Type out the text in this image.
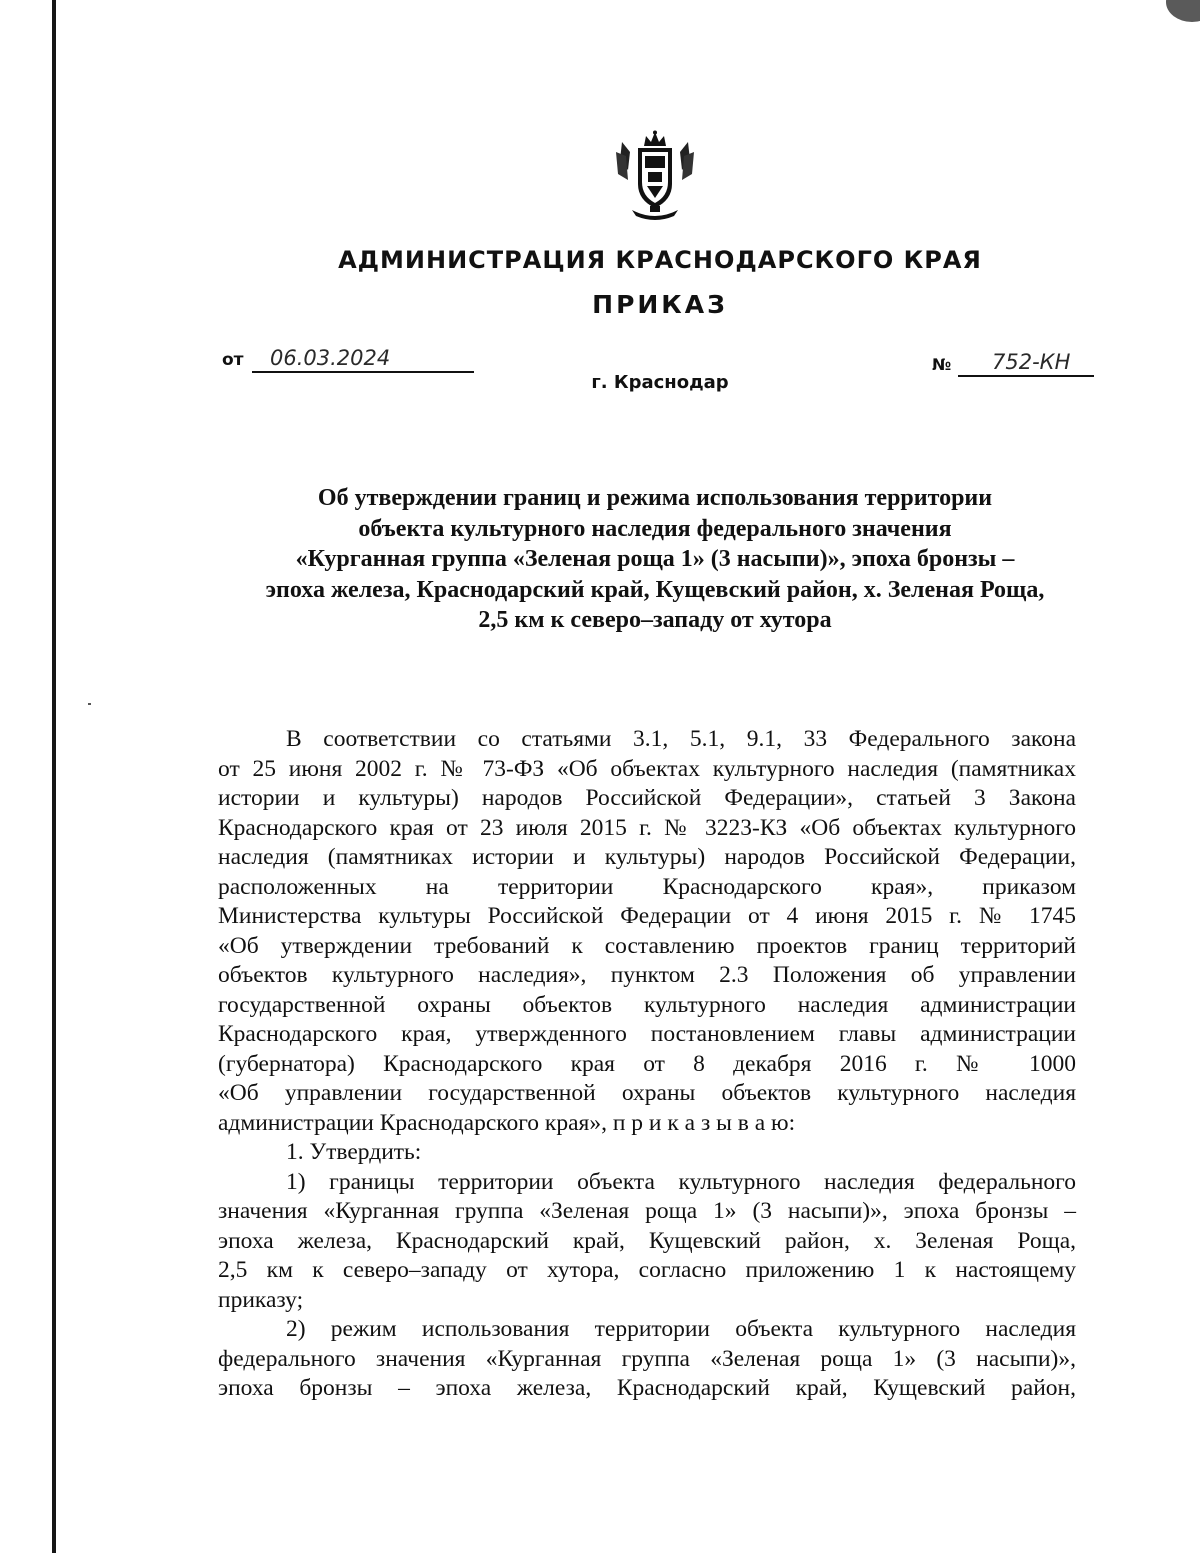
АДМИНИСТРАЦИЯ КРАСНОДАРСКОГО КРАЯ
ПРИКАЗ
от 06.03.2024	№ 752-КН
г. Краснодар
Об утверждении границ и режима использования территории
объекта культурного наследия федерального значения
«Курганная группа «Зеленая роща 1» (3 насыпи)», эпоха бронзы –
эпоха железа, Краснодарский край, Кущевский район, х. Зеленая Роща,
2,5 км к северо–западу от хутора
В соответствии со статьями 3.1, 5.1, 9.1, 33 Федерального закона
от 25 июня 2002 г. № 73-ФЗ «Об объектах культурного наследия (памятниках
истории и культуры) народов Российской Федерации», статьей 3 Закона
Краснодарского края от 23 июля 2015 г. № 3223-КЗ «Об объектах культурного
наследия (памятниках истории и культуры) народов Российской Федерации,
расположенных на территории Краснодарского края», приказом
Министерства культуры Российской Федерации от 4 июня 2015 г. № 1745
«Об утверждении требований к составлению проектов границ территорий
объектов культурного наследия», пунктом 2.3 Положения об управлении
государственной охраны объектов культурного наследия администрации
Краснодарского края, утвержденного постановлением главы администрации
(губернатора) Краснодарского края от 8 декабря 2016 г. № 1000
«Об управлении государственной охраны объектов культурного наследия
администрации Краснодарского края», п р и к а з ы в а ю:
1. Утвердить:
1) границы территории объекта культурного наследия федерального
значения «Курганная группа «Зеленая роща 1» (3 насыпи)», эпоха бронзы –
эпоха железа, Краснодарский край, Кущевский район, х. Зеленая Роща,
2,5 км к северо–западу от хутора, согласно приложению 1 к настоящему
приказу;
2) режим использования территории объекта культурного наследия
федерального значения «Курганная группа «Зеленая роща 1» (3 насыпи)»,
эпоха бронзы – эпоха железа, Краснодарский край, Кущевский район,
